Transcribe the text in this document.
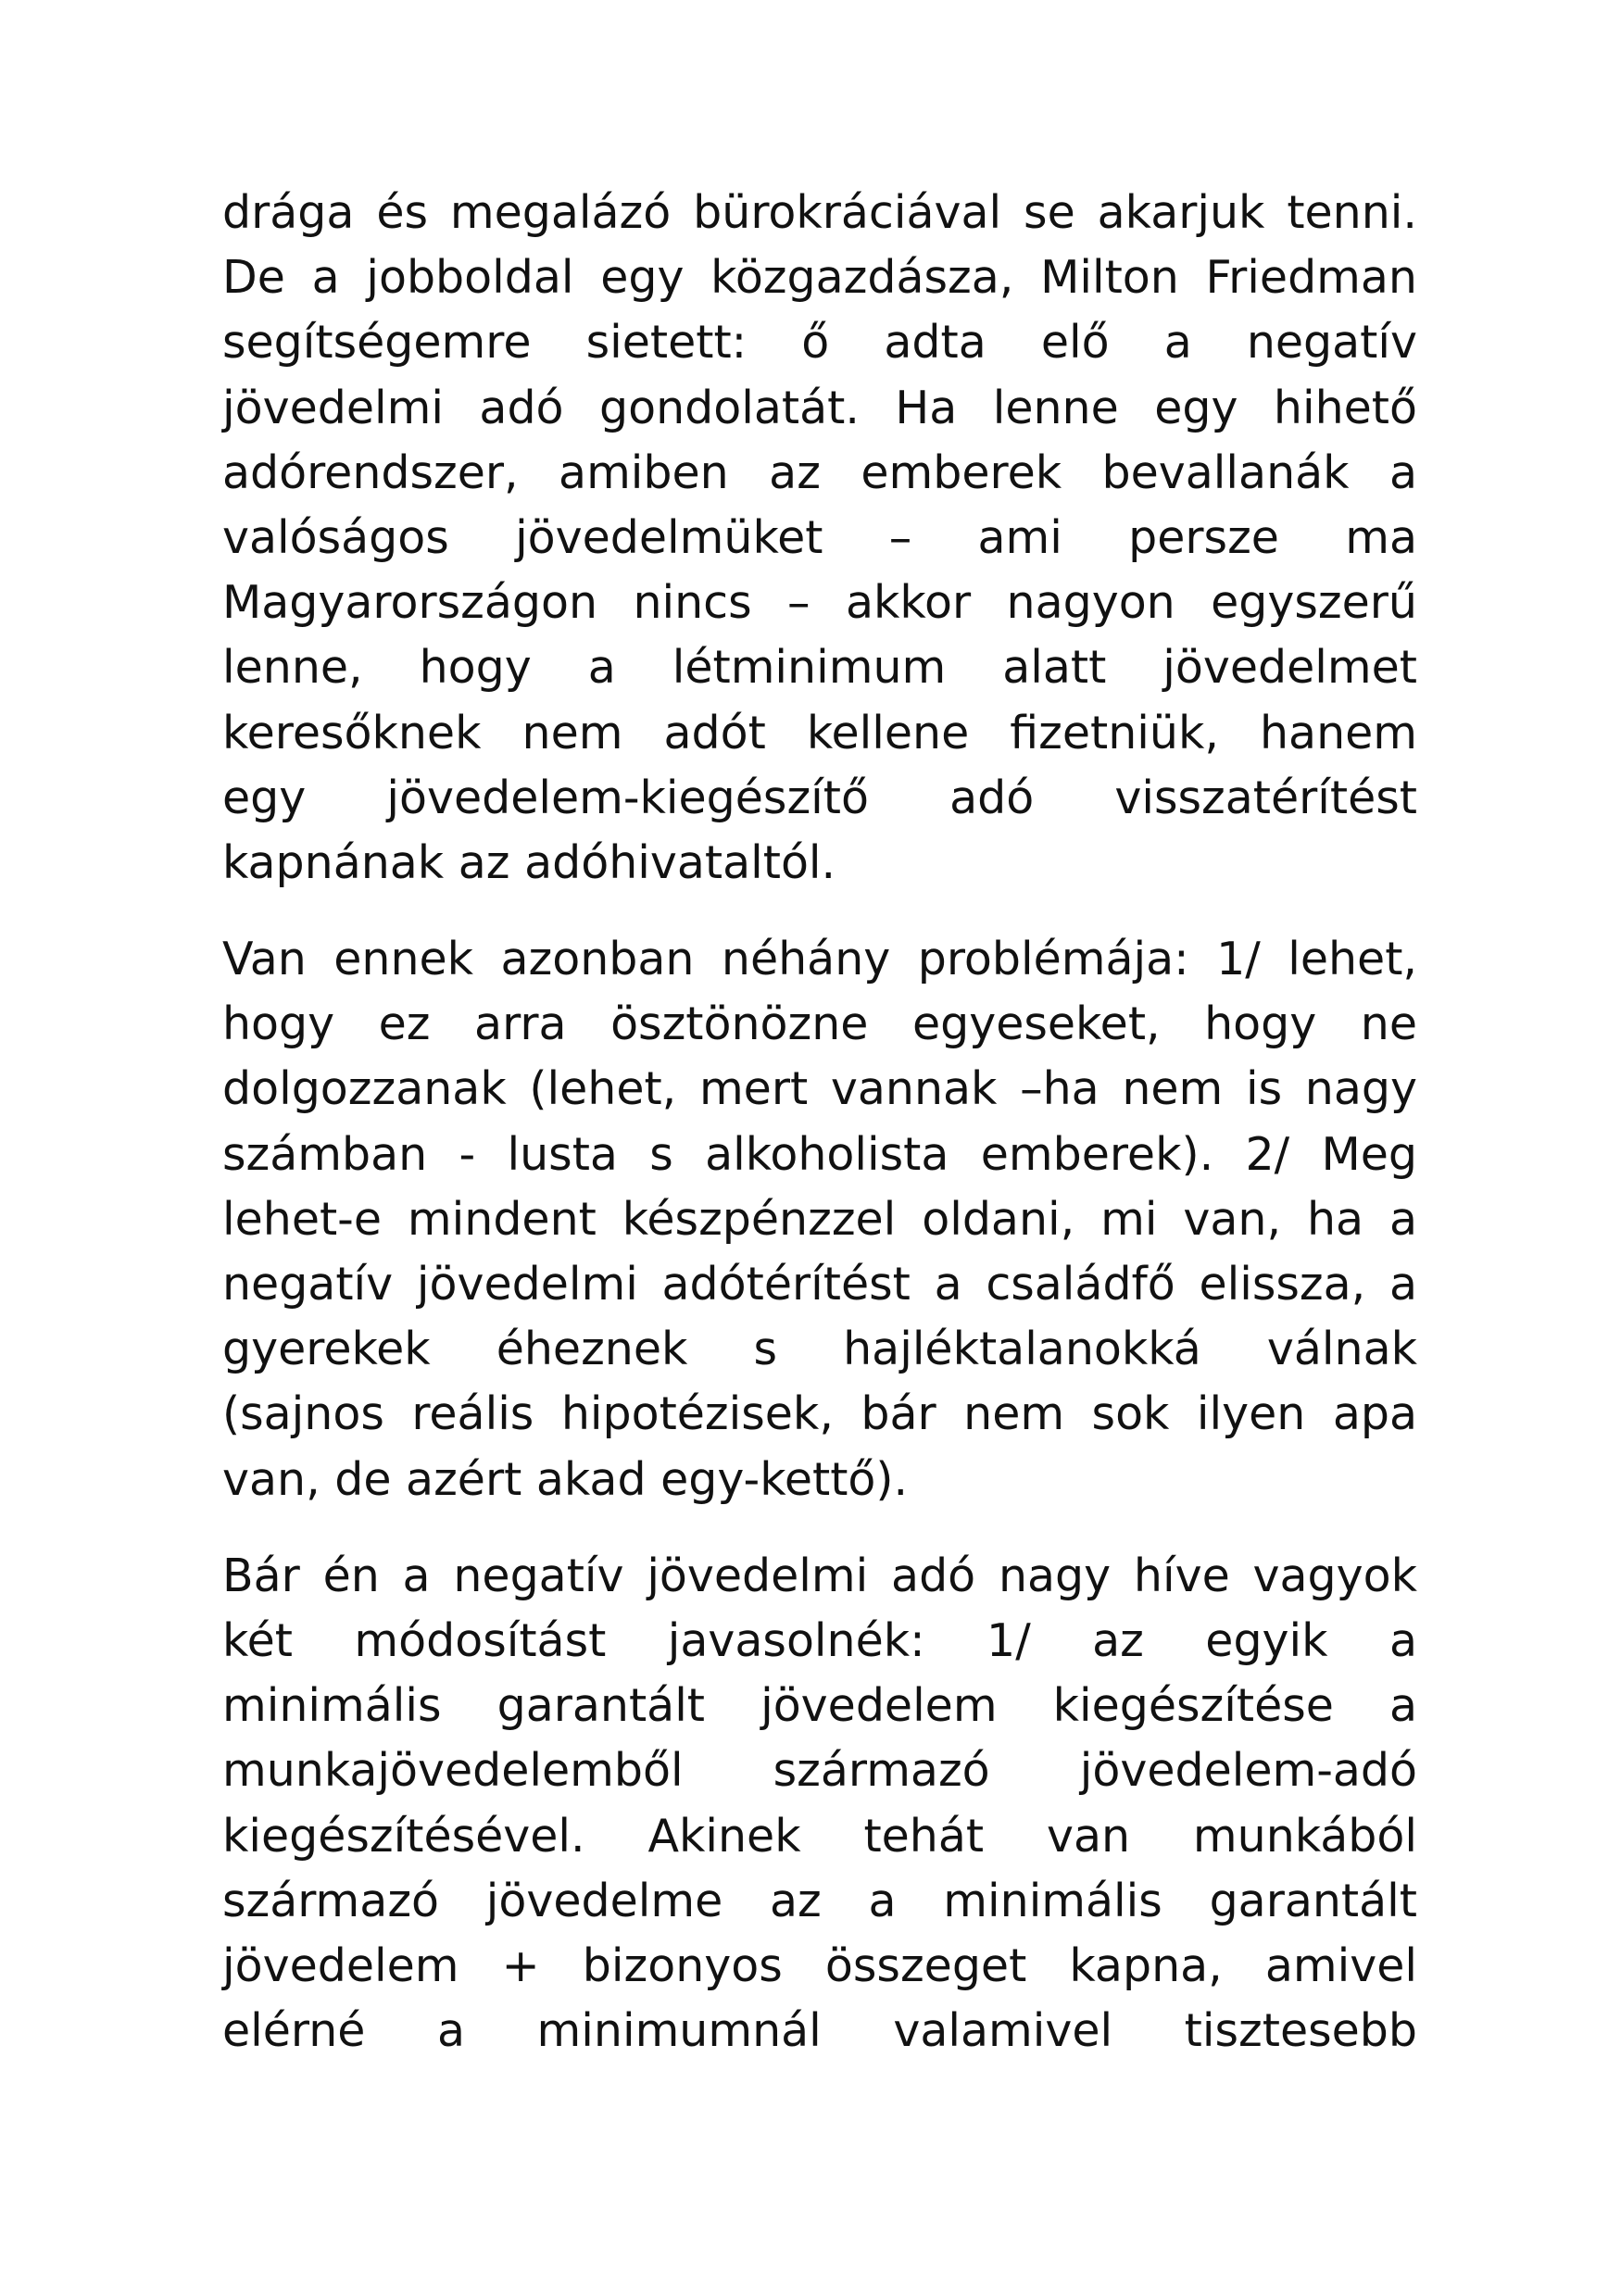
drága és megalázó bürokráciával se akarjuk tenni.
De a jobboldal egy közgazdásza, Milton Friedman
segítségemre sietett: ő adta elő a negatív
jövedelmi adó gondolatát. Ha lenne egy hihető
adórendszer, amiben az emberek bevallanák a
valóságos jövedelmüket – ami persze ma
Magyarországon nincs – akkor nagyon egyszerű
lenne, hogy a létminimum alatt jövedelmet
keresőknek nem adót kellene fizetniük, hanem
egy jövedelem-kiegészítő adó visszatérítést
kapnának az adóhivataltól.
Van ennek azonban néhány problémája: 1/ lehet,
hogy ez arra ösztönözne egyeseket, hogy ne
dolgozzanak (lehet, mert vannak –ha nem is nagy
számban - lusta s alkoholista emberek). 2/ Meg
lehet-e mindent készpénzzel oldani, mi van, ha a
negatív jövedelmi adótérítést a családfő elissza, a
gyerekek éheznek s hajléktalanokká válnak
(sajnos reális hipotézisek, bár nem sok ilyen apa
van, de azért akad egy-kettő).
Bár én a negatív jövedelmi adó nagy híve vagyok
két módosítást javasolnék: 1/ az egyik a
minimális garantált jövedelem kiegészítése a
munkajövedelemből származó jövedelem-adó
kiegészítésével. Akinek tehát van munkából
származó jövedelme az a minimális garantált
jövedelem + bizonyos összeget kapna, amivel
elérné a minimumnál valamivel tisztesebb
